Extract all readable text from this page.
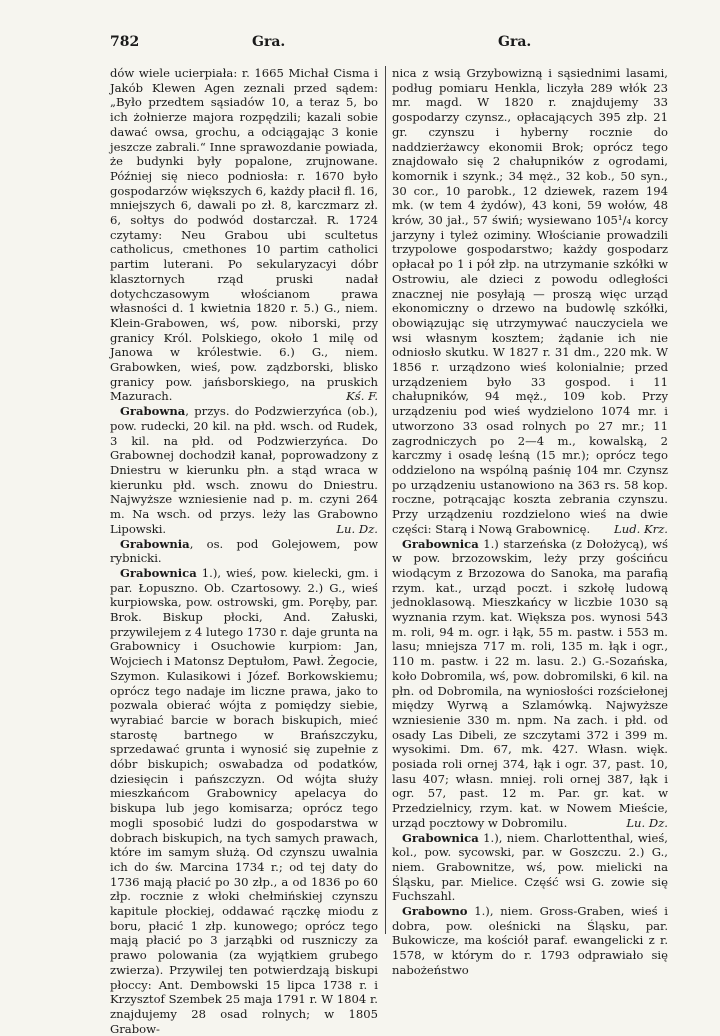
782	Gra.	Gra.

dów wiele ucierpiała: r. 1665 Michał Cisma i Jakób Klewen Agen zeznali przed sądem: „Było przedtem sąsiadów 10, a teraz 5, bo ich żołnierze majora rozpędzili; kazali sobie dawać owsa, grochu, a odciągając 3 konie jeszcze zabrali.“ Inne sprawozdanie powiada, że budynki były popalone, zrujnowane. Później się nieco podniosła: r. 1670 było gospodarzów większych 6, każdy płacił fl. 16, mniejszych 6, dawali po zł. 8, karczmarz zł. 6, sołtys do podwód dostarczał. R. 1724 czytamy: Neu Grabou ubi scultetus catholicus, cmethones 10 partim catholici partim luterani. Po sekularyzacyi dóbr klasztornych rząd pruski nadał dotychczasowym włościanom prawa własności d. 1 kwietnia 1820 r. 5.) G., niem. Klein-Grabowen, wś, pow. niborski, przy granicy Król. Polskiego, około 1 milę od Janowa w królestwie. 6.) G., niem. Grabowken, wieś, pow. ządzborski, blisko granicy pow. jańsborskiego, na pruskich Mazurach.	Kś. F.

Grabowna, przys. do Podzwierzyńca (ob.), pow. rudecki, 20 kil. na płd. wsch. od Rudek, 3 kil. na płd. od Podzwierzyńca. Do Grabownej dochodził kanał, poprowadzony z Dniestru w kierunku płn. a stąd wraca w kierunku płd. wsch. znowu do Dniestru. Najwyższe wzniesienie nad p. m. czyni 264 m. Na wsch. od przys. leży las Grabowno Lipowski.	Lu. Dz.

Grabownia, os. pod Golejowem, pow rybnicki.

Grabownica 1.), wieś, pow. kielecki, gm. i par. Łopuszno. Ob. Czartosowy. 2.) G., wieś kurpiowska, pow. ostrowski, gm. Poręby, par. Brok. Biskup płocki, And. Załuski, przywilejem z 4 lutego 1730 r. daje grunta na Grabownicy i Osuchowie kurpiom: Jan, Wojciech i Matonsz Deptułom, Pawł. Żegocie, Szymon. Kulasikowi i Józef. Borkowskiemu; oprócz tego nadaje im liczne prawa, jako to pozwala obierać wójta z pomiędzy siebie, wyrabiać barcie w borach biskupich, mieć starostę bartnego w Brańszczyku, sprzedawać grunta i wynosić się zupełnie z dóbr biskupich; oswabadza od podatków, dziesięcin i pańszczyzn. Od wójta służy mieszkańcom Grabownicy apelacya do biskupa lub jego komisarza; oprócz tego mogli sposobić ludzi do gospodarstwa w dobrach biskupich, na tych samych prawach, które im samym służą. Od czynszu uwalnia ich do św. Marcina 1734 r.; od tej daty do 1736 mają płacić po 30 złp., a od 1836 po 60 złp. rocznie z włoki chełmińskiej czynszu kapitule płockiej, oddawać rączkę miodu z boru, płacić 1 złp. kunowego; oprócz tego mają płacić po 3 jarząbki od ruszniczy za prawo polowania (za wyjątkiem grubego zwierza). Przywilej ten potwierdzają biskupi płoccy: Ant. Dembowski 15 lipca 1738 r. i Krzysztof Szembek 25 maja 1791 r. W 1804 r. znajdujemy 28 osad rolnych; w 1805 Grabow-

nica z wsią Grzybowizną i sąsiednimi lasami, podług pomiaru Henkla, liczyła 289 włók 23 mr. magd. W 1820 r. znajdujemy 33 gospodarzy czynsz., opłacających 395 złp. 21 gr. czynszu i hyberny rocznie do naddzierżawcy ekonomii Brok; oprócz tego znajdowało się 2 chałupników z ogrodami, komornik i szynk.; 34 męż., 32 kob., 50 syn., 30 cor., 10 parobk., 12 dziewek, razem 194 mk. (w tem 4 żydów), 43 koni, 59 wołów, 48 krów, 30 jał., 57 świń; wysiewano 105¹/₄ korcy jarzyny i tyleż oziminy. Włościanie prowadzili trzypolowe gospodarstwo; każdy gospodarz opłacał po 1 i pół złp. na utrzymanie szkółki w Ostrowiu, ale dzieci z powodu odległości znacznej nie posyłają — proszą więc urząd ekonomiczny o drzewo na budowlę szkółki, obowiązując się utrzymywać nauczyciela we wsi własnym kosztem; żądanie ich nie odniosło skutku. W 1827 r. 31 dm., 220 mk. W 1856 r. urządzono wieś kolonialnie; przed urządzeniem było 33 gospod. i 11 chałupników, 94 męż., 109 kob. Przy urządzeniu pod wieś wydzielono 1074 mr. i utworzono 33 osad rolnych po 27 mr.; 11 zagrodniczych po 2—4 m., kowalską, 2 karczmy i osadę leśną (15 mr.); oprócz tego oddzielono na wspólną paśnię 104 mr. Czynsz po urządzeniu ustanowiono na 363 rs. 58 kop. roczne, potrącając koszta zebrania czynszu. Przy urządzeniu rozdzielono wieś na dwie części: Starą i Nową Grabownicę.	Lud. Krz.

Grabownica 1.) starzeńska (z Dołożycą), wś w pow. brzozowskim, leży przy gościńcu wiodącym z Brzozowa do Sanoka, ma parafią rzym. kat., urząd poczt. i szkołę ludową jednoklasową. Mieszkańcy w liczbie 1030 są wyznania rzym. kat. Większa pos. wynosi 543 m. roli, 94 m. ogr. i łąk, 55 m. pastw. i 553 m. lasu; mniejsza 717 m. roli, 135 m. łąk i ogr., 110 m. pastw. i 22 m. lasu. 2.) G.-Sozańska, koło Dobromila, wś, pow. dobromilski, 6 kil. na płn. od Dobromila, na wyniosłości rozściełonej między Wyrwą a Szlamówką. Najwyższe wzniesienie 330 m. npm. Na zach. i płd. od osady Las Dibeli, ze szczytami 372 i 399 m. wysokimi. Dm. 67, mk. 427. Własn. więk. posiada roli ornej 374, łąk i ogr. 37, past. 10, lasu 407; własn. mniej. roli ornej 387, łąk i ogr. 57, past. 12 m. Par. gr. kat. w Przedzielnicy, rzym. kat. w Nowem Mieście, urząd pocztowy w Dobromilu.	Lu. Dz.

Grabownica 1.), niem. Charlottenthal, wieś, kol., pow. sycowski, par. w Goszczu. 2.) G., niem. Grabownitze, wś, pow. mielicki na Śląsku, par. Mielice. Część wsi G. zowie się Fuchszahl.

Grabowno 1.), niem. Gross-Graben, wieś i dobra, pow. oleśnicki na Śląsku, par. Bukowicze, ma kościół paraf. ewangelicki z r. 1578, w którym do r. 1793 odprawiało się nabożeństwo
